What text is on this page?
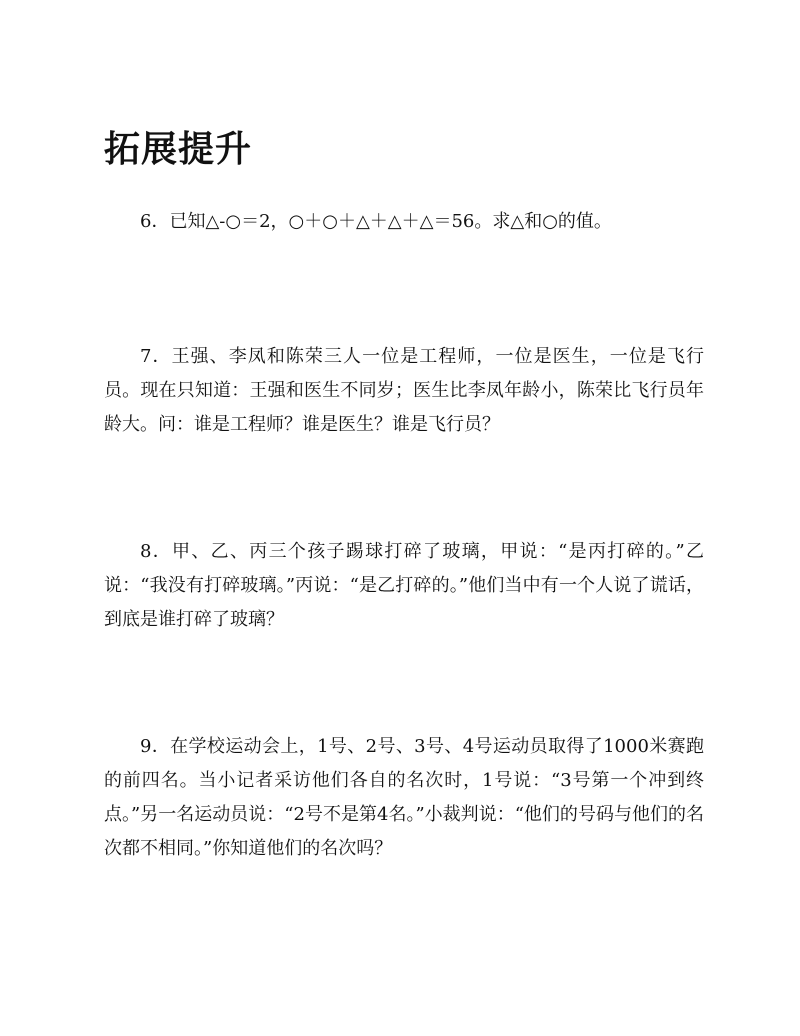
拓展提升

6．已知△-○＝2，○＋○＋△＋△＋△＝56。求△和○的值。

7．王强、李凤和陈荣三人一位是工程师，一位是医生，一位是飞行员。现在只知道：王强和医生不同岁；医生比李凤年龄小，陈荣比飞行员年龄大。问：谁是工程师？谁是医生？谁是飞行员？

8．甲、乙、丙三个孩子踢球打碎了玻璃，甲说：“是丙打碎的。”乙说：“我没有打碎玻璃。”丙说：“是乙打碎的。”他们当中有一个人说了谎话，到底是谁打碎了玻璃？

9．在学校运动会上，1号、2号、3号、4号运动员取得了1000米赛跑的前四名。当小记者采访他们各自的名次时，1号说：“3号第一个冲到终点。”另一名运动员说：“2号不是第4名。”小裁判说：“他们的号码与他们的名次都不相同。”你知道他们的名次吗？
